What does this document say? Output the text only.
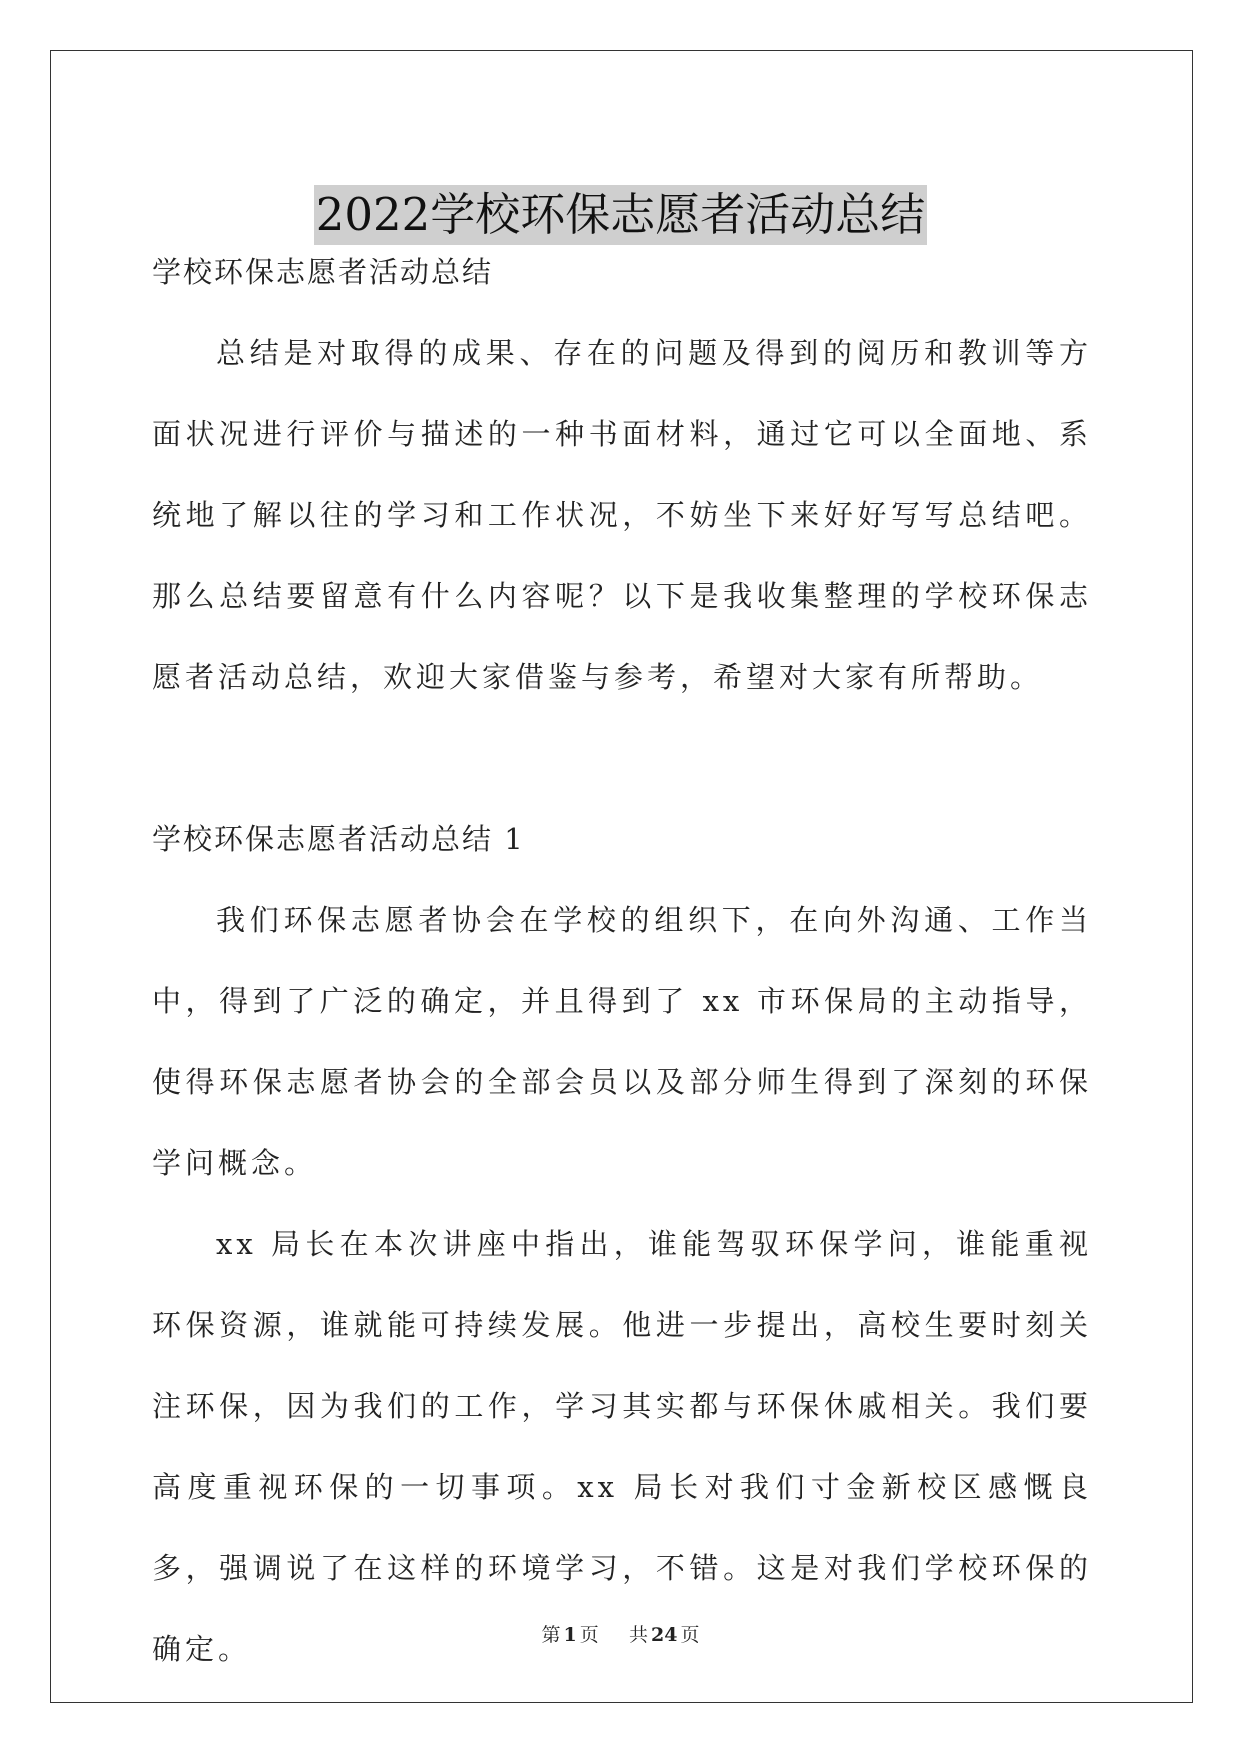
2022学校环保志愿者活动总结

学校环保志愿者活动总结

总结是对取得的成果、存在的问题及得到的阅历和教训等方面状况进行评价与描述的一种书面材料，通过它可以全面地、系统地了解以往的学习和工作状况，不妨坐下来好好写写总结吧。那么总结要留意有什么内容呢？以下是我收集整理的学校环保志愿者活动总结，欢迎大家借鉴与参考，希望对大家有所帮助。

学校环保志愿者活动总结 1

我们环保志愿者协会在学校的组织下，在向外沟通、工作当中，得到了广泛的确定，并且得到了 xx 市环保局的主动指导，使得环保志愿者协会的全部会员以及部分师生得到了深刻的环保学问概念。

xx 局长在本次讲座中指出，谁能驾驭环保学问，谁能重视环保资源，谁就能可持续发展。他进一步提出，高校生要时刻关注环保，因为我们的工作，学习其实都与环保休戚相关。我们要高度重视环保的一切事项。xx 局长对我们寸金新校区感慨良多，强调说了在这样的环境学习，不错。这是对我们学校环保的确定。	第 1 页 共 24 页
